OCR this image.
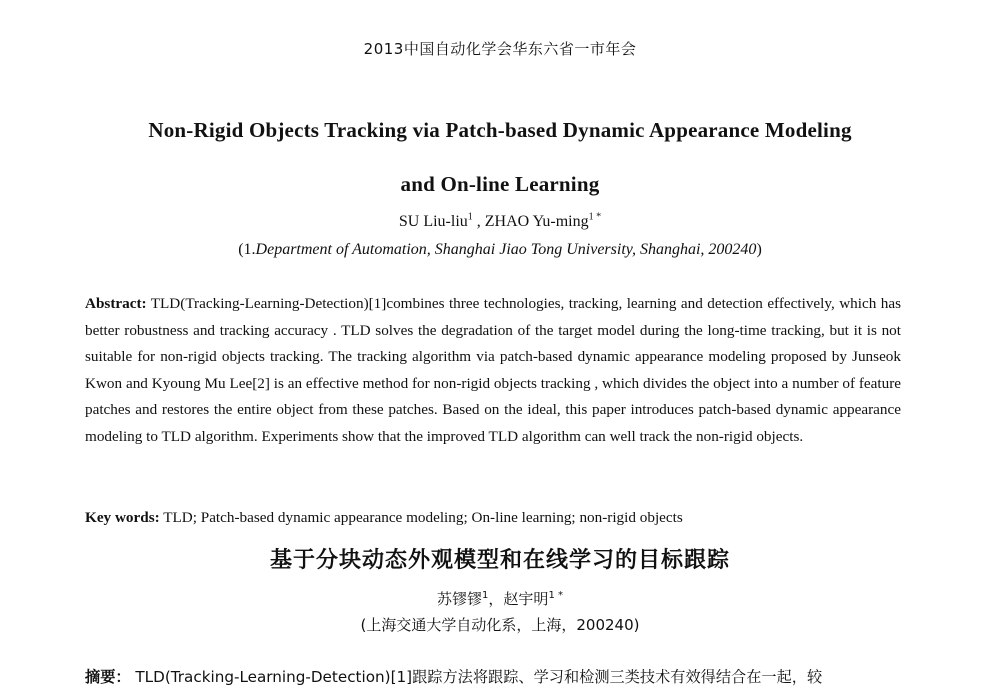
2013中国自动化学会华东六省一市年会
Non-Rigid Objects Tracking via Patch-based Dynamic Appearance Modeling
and On-line Learning
SU Liu-liu$^1$ , ZHAO Yu-ming$^{1 *}$
(1.Department of Automation, Shanghai Jiao Tong University, Shanghai, 200240)
Abstract: TLD(Tracking-Learning-Detection)[1]combines three technologies, tracking, learning and detection effectively, which has better robustness and tracking accuracy . TLD solves the degradation of the target model during the long-time tracking, but it is not suitable for non-rigid objects tracking. The tracking algorithm via patch-based dynamic appearance modeling proposed by Junseok Kwon and Kyoung Mu Lee[2] is an effective method for non-rigid objects tracking , which divides the object into a number of feature patches and restores the entire object from these patches. Based on the ideal, this paper introduces patch-based dynamic appearance modeling to TLD algorithm. Experiments show that the improved TLD algorithm can well track the non-rigid objects.
Key words: TLD; Patch-based dynamic appearance modeling; On-line learning; non-rigid objects
基于分块动态外观模型和在线学习的目标跟踪
苏镠镠$^1$，赵宇明$^{1 *}$
(上海交通大学自动化系，上海，200240)
摘要： TLD(Tracking-Learning-Detection)[1]跟踪方法将跟踪、学习和检测三类技术有效得结合在一起，较
